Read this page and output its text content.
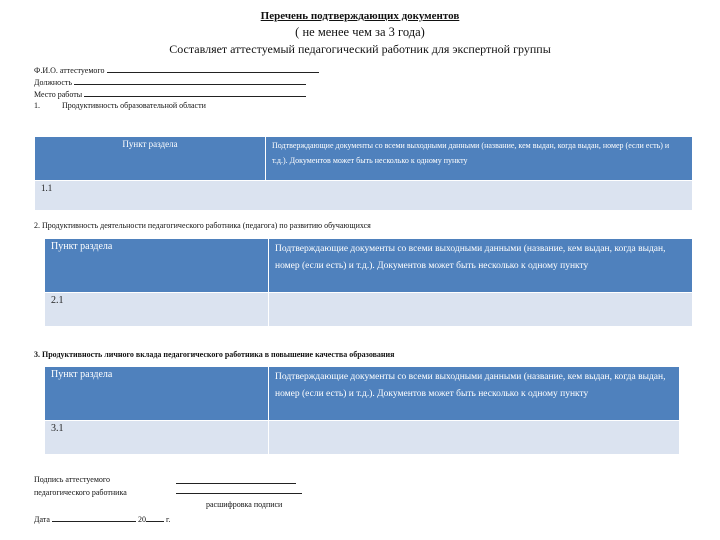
Перечень подтверждающих документов
( не менее чем за 3 года)
Составляет аттестуемый педагогический работник для экспертной группы
Ф.И.О. аттестуемого
Должность
Место работы
1.	Продуктивность образовательной области
Пункт раздела	Подтверждающие документы со всеми выходными данными (название, кем выдан, когда выдан, номер (если есть) и т.д.). Документов может быть несколько к одному пункту
1.1	
2. Продуктивность деятельности педагогического работника (педагога) по развитию обучающихся
Пункт раздела	Подтверждающие документы со всеми выходными данными (название, кем выдан, когда выдан, номер (если есть) и т.д.). Документов может быть несколько к одному пункту
2.1	
3. Продуктивность личного вклада педагогического работника в повышение качества образования
Пункт раздела	Подтверждающие документы со всеми выходными данными (название, кем выдан, когда выдан, номер (если есть) и т.д.). Документов может быть несколько к одному пункту
3.1	
Подпись аттестуемого
педагогического работника
расшифровка подписи
Дата	20	г.
